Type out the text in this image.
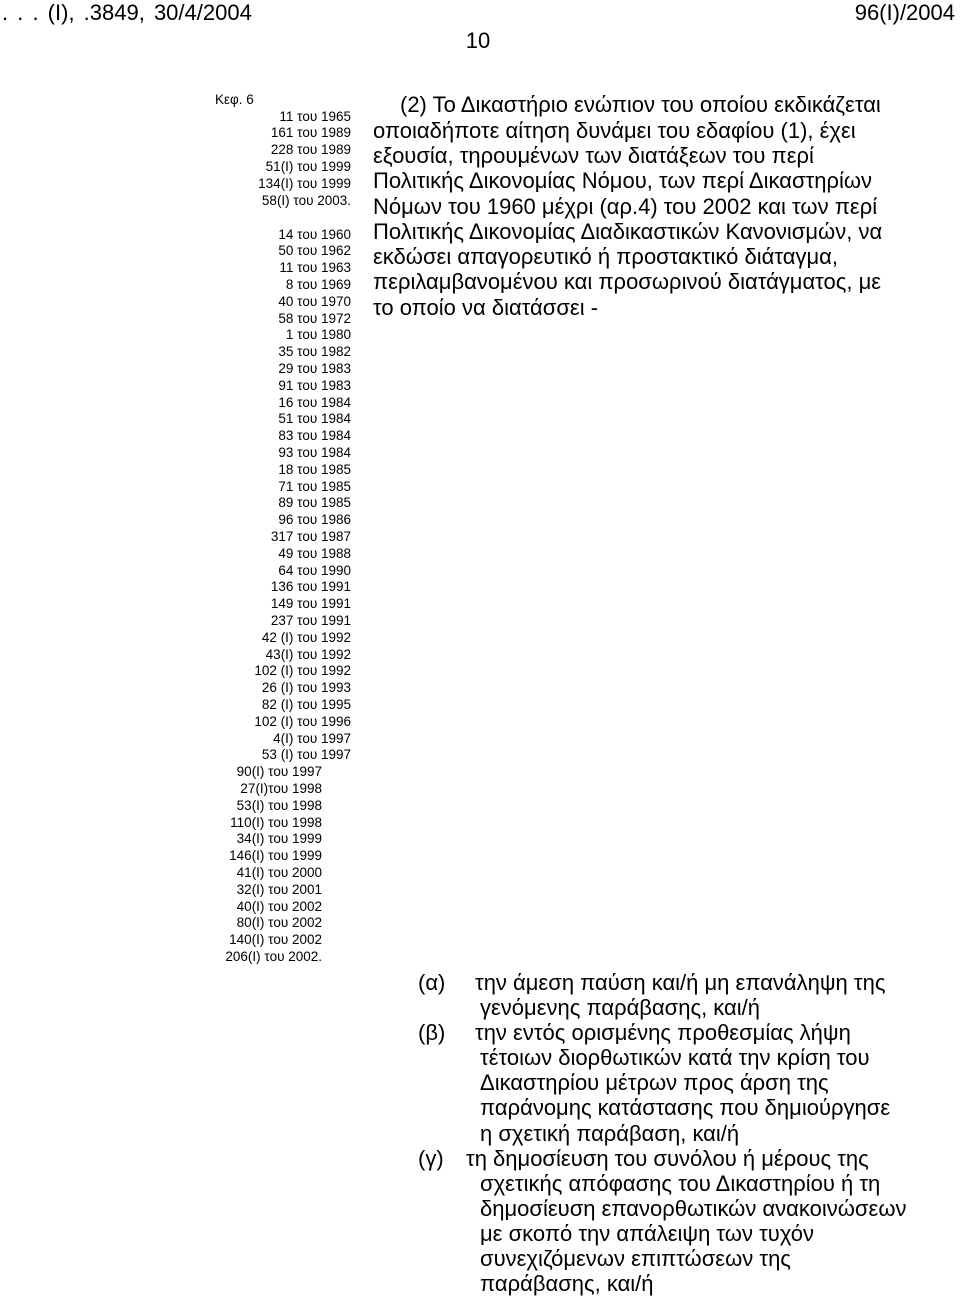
. . . (Ι), .3849, 30/4/2004	96(Ι)/2004
10
Κεφ. 6
11 του 1965
161 του 1989
228 του 1989
51(Ι) του 1999
134(Ι) του 1999
58(Ι) του 2003.
14 του 1960
50 του 1962
11 του 1963
8 του 1969
40 του 1970
58 του 1972
1 του 1980
35 του 1982
29 του 1983
91 του 1983
16 του 1984
51 του 1984
83 του 1984
93 του 1984
18 του 1985
71 του 1985
89 του 1985
96 του 1986
317 του 1987
49 του 1988
64 του 1990
136 του 1991
149 του 1991
237 του 1991
42 (Ι) του 1992
43(Ι) του 1992
102 (Ι) του 1992
26 (Ι) του 1993
82 (Ι) του 1995
102 (Ι) του 1996
4(Ι) του 1997
53 (Ι) του 1997
90(Ι) του 1997
27(Ι)του 1998
53(Ι) του 1998
110(Ι) του 1998
34(Ι) του 1999
146(Ι) του 1999
41(Ι) του 2000
32(Ι) του 2001
40(Ι) του 2002
80(Ι) του 2002
140(Ι) του 2002
206(Ι) του 2002.
(2) Το Δικαστήριο ενώπιον του οποίου εκδικάζεται
οποιαδήποτε αίτηση δυνάμει του εδαφίου (1), έχει
εξουσία, τηρουμένων των διατάξεων του περί
Πολιτικής Δικονομίας Νόμου, των περί Δικαστηρίων
Νόμων του 1960 μέχρι (αρ.4) του 2002 και των περί
Πολιτικής Δικονομίας Διαδικαστικών Κανονισμών, να
εκδώσει απαγορευτικό ή προστακτικό διάταγμα,
περιλαμβανομένου και προσωρινού διατάγματος, με
το οποίο να διατάσσει -
(α) την άμεση παύση και/ή μη επανάληψη της
γενόμενης παράβασης, και/ή
(β) την εντός ορισμένης προθεσμίας λήψη
τέτοιων διορθωτικών κατά την κρίση του
Δικαστηρίου μέτρων προς άρση της
παράνομης κατάστασης που δημιούργησε
η σχετική παράβαση, και/ή
(γ) τη δημοσίευση του συνόλου ή μέρους της
σχετικής απόφασης του Δικαστηρίου ή τη
δημοσίευση επανορθωτικών ανακοινώσεων
με σκοπό την απάλειψη των τυχόν
συνεχιζόμενων επιπτώσεων της
παράβασης, και/ή
